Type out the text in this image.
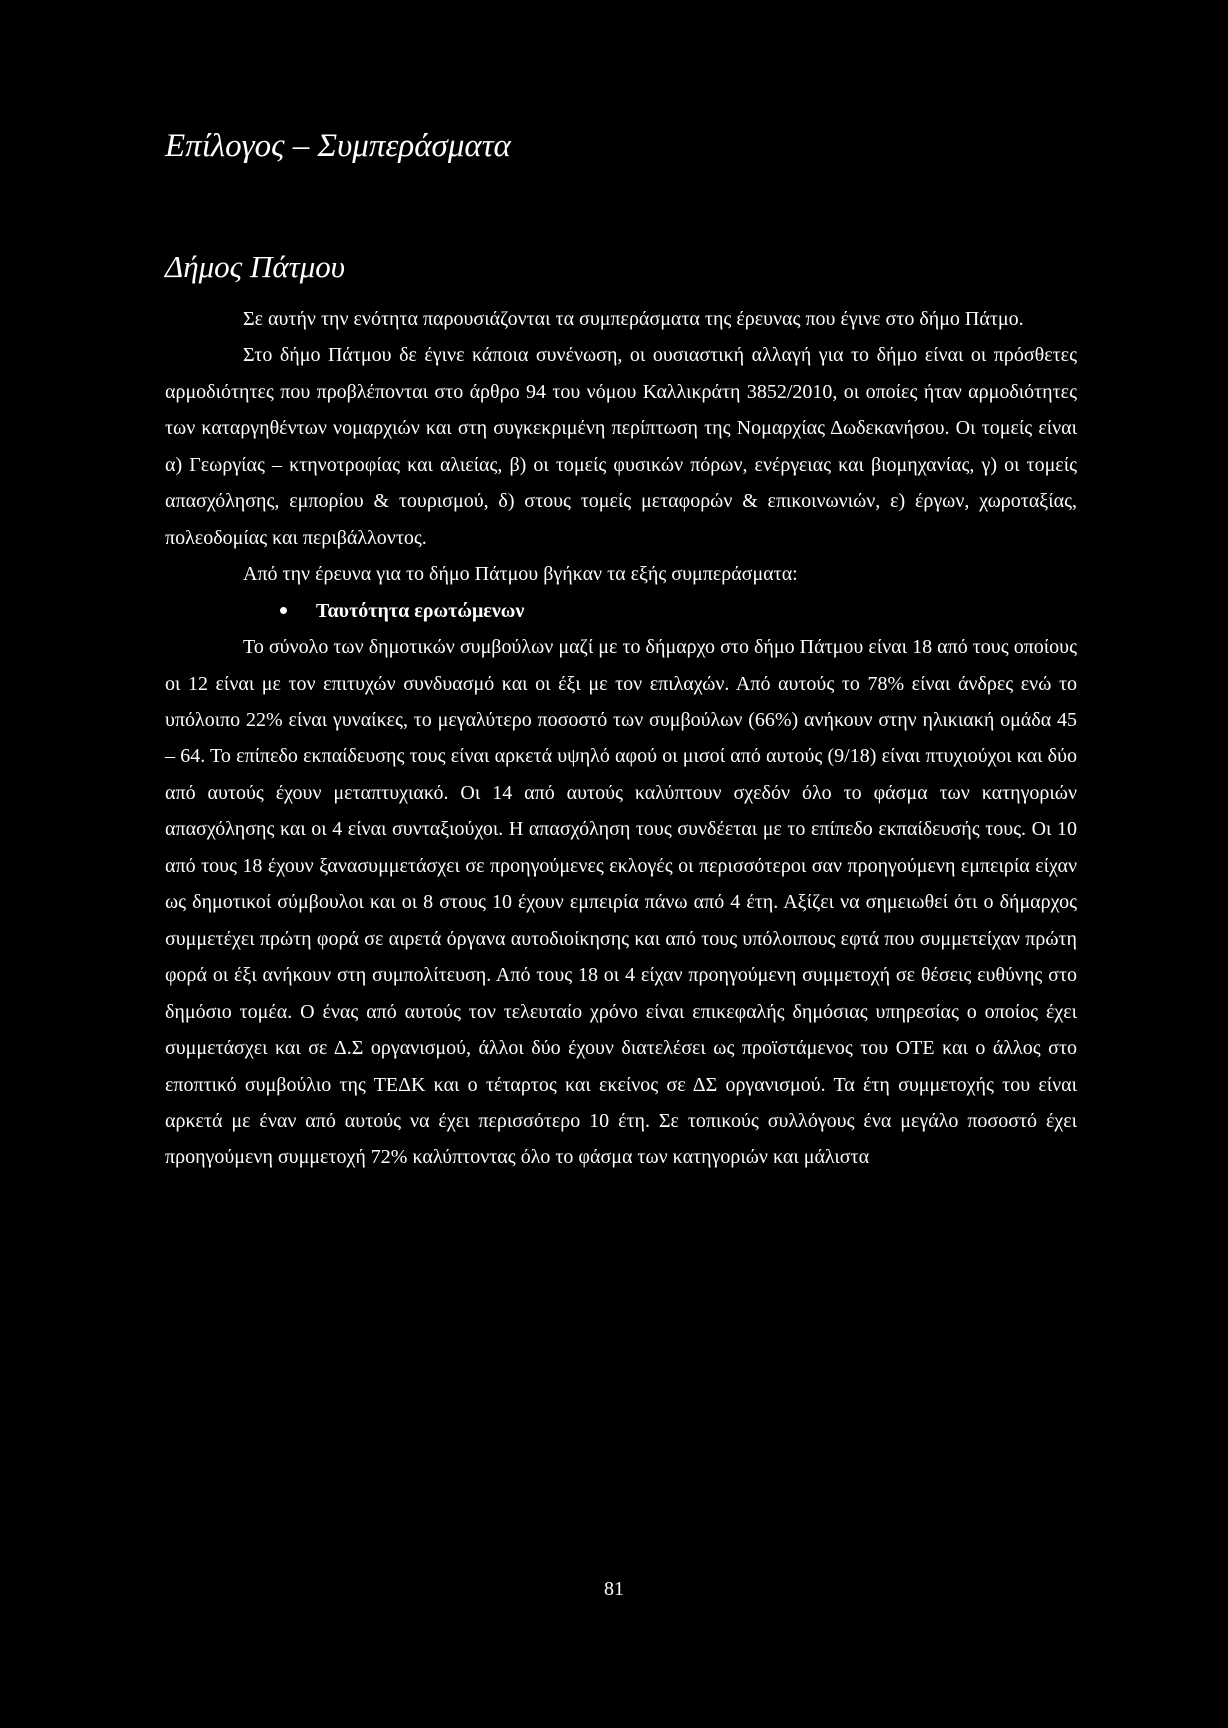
Επίλογος – Συμπεράσματα
Δήμος Πάτμου

Σε αυτήν την ενότητα παρουσιάζονται τα συμπεράσματα της έρευνας που έγινε στο δήμο Πάτμο.

Στο δήμο Πάτμου δε έγινε κάποια συνένωση, οι ουσιαστική αλλαγή για το δήμο είναι οι πρόσθετες αρμοδιότητες που προβλέπονται στο άρθρο 94 του νόμου Καλλικράτη 3852/2010, οι οποίες ήταν αρμοδιότητες των καταργηθέντων νομαρχιών και στη συγκεκριμένη περίπτωση της Νομαρχίας Δωδεκανήσου. Οι τομείς είναι α) Γεωργίας – κτηνοτροφίας και αλιείας, β) οι τομείς φυσικών πόρων, ενέργειας και βιομηχανίας, γ) οι τομείς απασχόλησης, εμπορίου & τουρισμού, δ) στους τομείς μεταφορών & επικοινωνιών, ε) έργων, χωροταξίας, πολεοδομίας και περιβάλλοντος.

Από την έρευνα για το δήμο Πάτμου βγήκαν τα εξής συμπεράσματα:

Ταυτότητα ερωτώμενων

Το σύνολο των δημοτικών συμβούλων μαζί με το δήμαρχο στο δήμο Πάτμου είναι 18 από τους οποίους οι 12 είναι με τον επιτυχών συνδυασμό και οι έξι με τον επιλαχών. Από αυτούς το 78% είναι άνδρες ενώ το υπόλοιπο 22% είναι γυναίκες, το μεγαλύτερο ποσοστό των συμβούλων (66%) ανήκουν στην ηλικιακή ομάδα 45 – 64. Το επίπεδο εκπαίδευσης τους είναι αρκετά υψηλό αφού οι μισοί από αυτούς (9/18) είναι πτυχιούχοι και δύο από αυτούς έχουν μεταπτυχιακό. Οι 14 από αυτούς καλύπτουν σχεδόν όλο το φάσμα των κατηγοριών απασχόλησης και οι 4 είναι συνταξιούχοι. Η απασχόληση τους συνδέεται με το επίπεδο εκπαίδευσής τους. Οι 10 από τους 18 έχουν ξανασυμμετάσχει σε προηγούμενες εκλογές οι περισσότεροι σαν προηγούμενη εμπειρία είχαν ως δημοτικοί σύμβουλοι και οι 8 στους 10 έχουν εμπειρία πάνω από 4 έτη. Αξίζει να σημειωθεί ότι ο δήμαρχος συμμετέχει πρώτη φορά σε αιρετά όργανα αυτοδιοίκησης και από τους υπόλοιπους εφτά που συμμετείχαν πρώτη φορά οι έξι ανήκουν στη συμπολίτευση. Από τους 18 οι 4 είχαν προηγούμενη συμμετοχή σε θέσεις ευθύνης στο δημόσιο τομέα. Ο ένας από αυτούς τον τελευταίο χρόνο είναι επικεφαλής δημόσιας υπηρεσίας ο οποίος έχει συμμετάσχει και σε Δ.Σ οργανισμού, άλλοι δύο έχουν διατελέσει ως προϊστάμενος του ΟΤΕ και ο άλλος στο εποπτικό συμβούλιο της ΤΕΔΚ και ο τέταρτος και εκείνος σε ΔΣ οργανισμού. Τα έτη συμμετοχής του είναι αρκετά με έναν από αυτούς να έχει περισσότερο 10 έτη. Σε τοπικούς συλλόγους ένα μεγάλο ποσοστό έχει προηγούμενη συμμετοχή 72% καλύπτοντας όλο το φάσμα των κατηγοριών και μάλιστα

81
